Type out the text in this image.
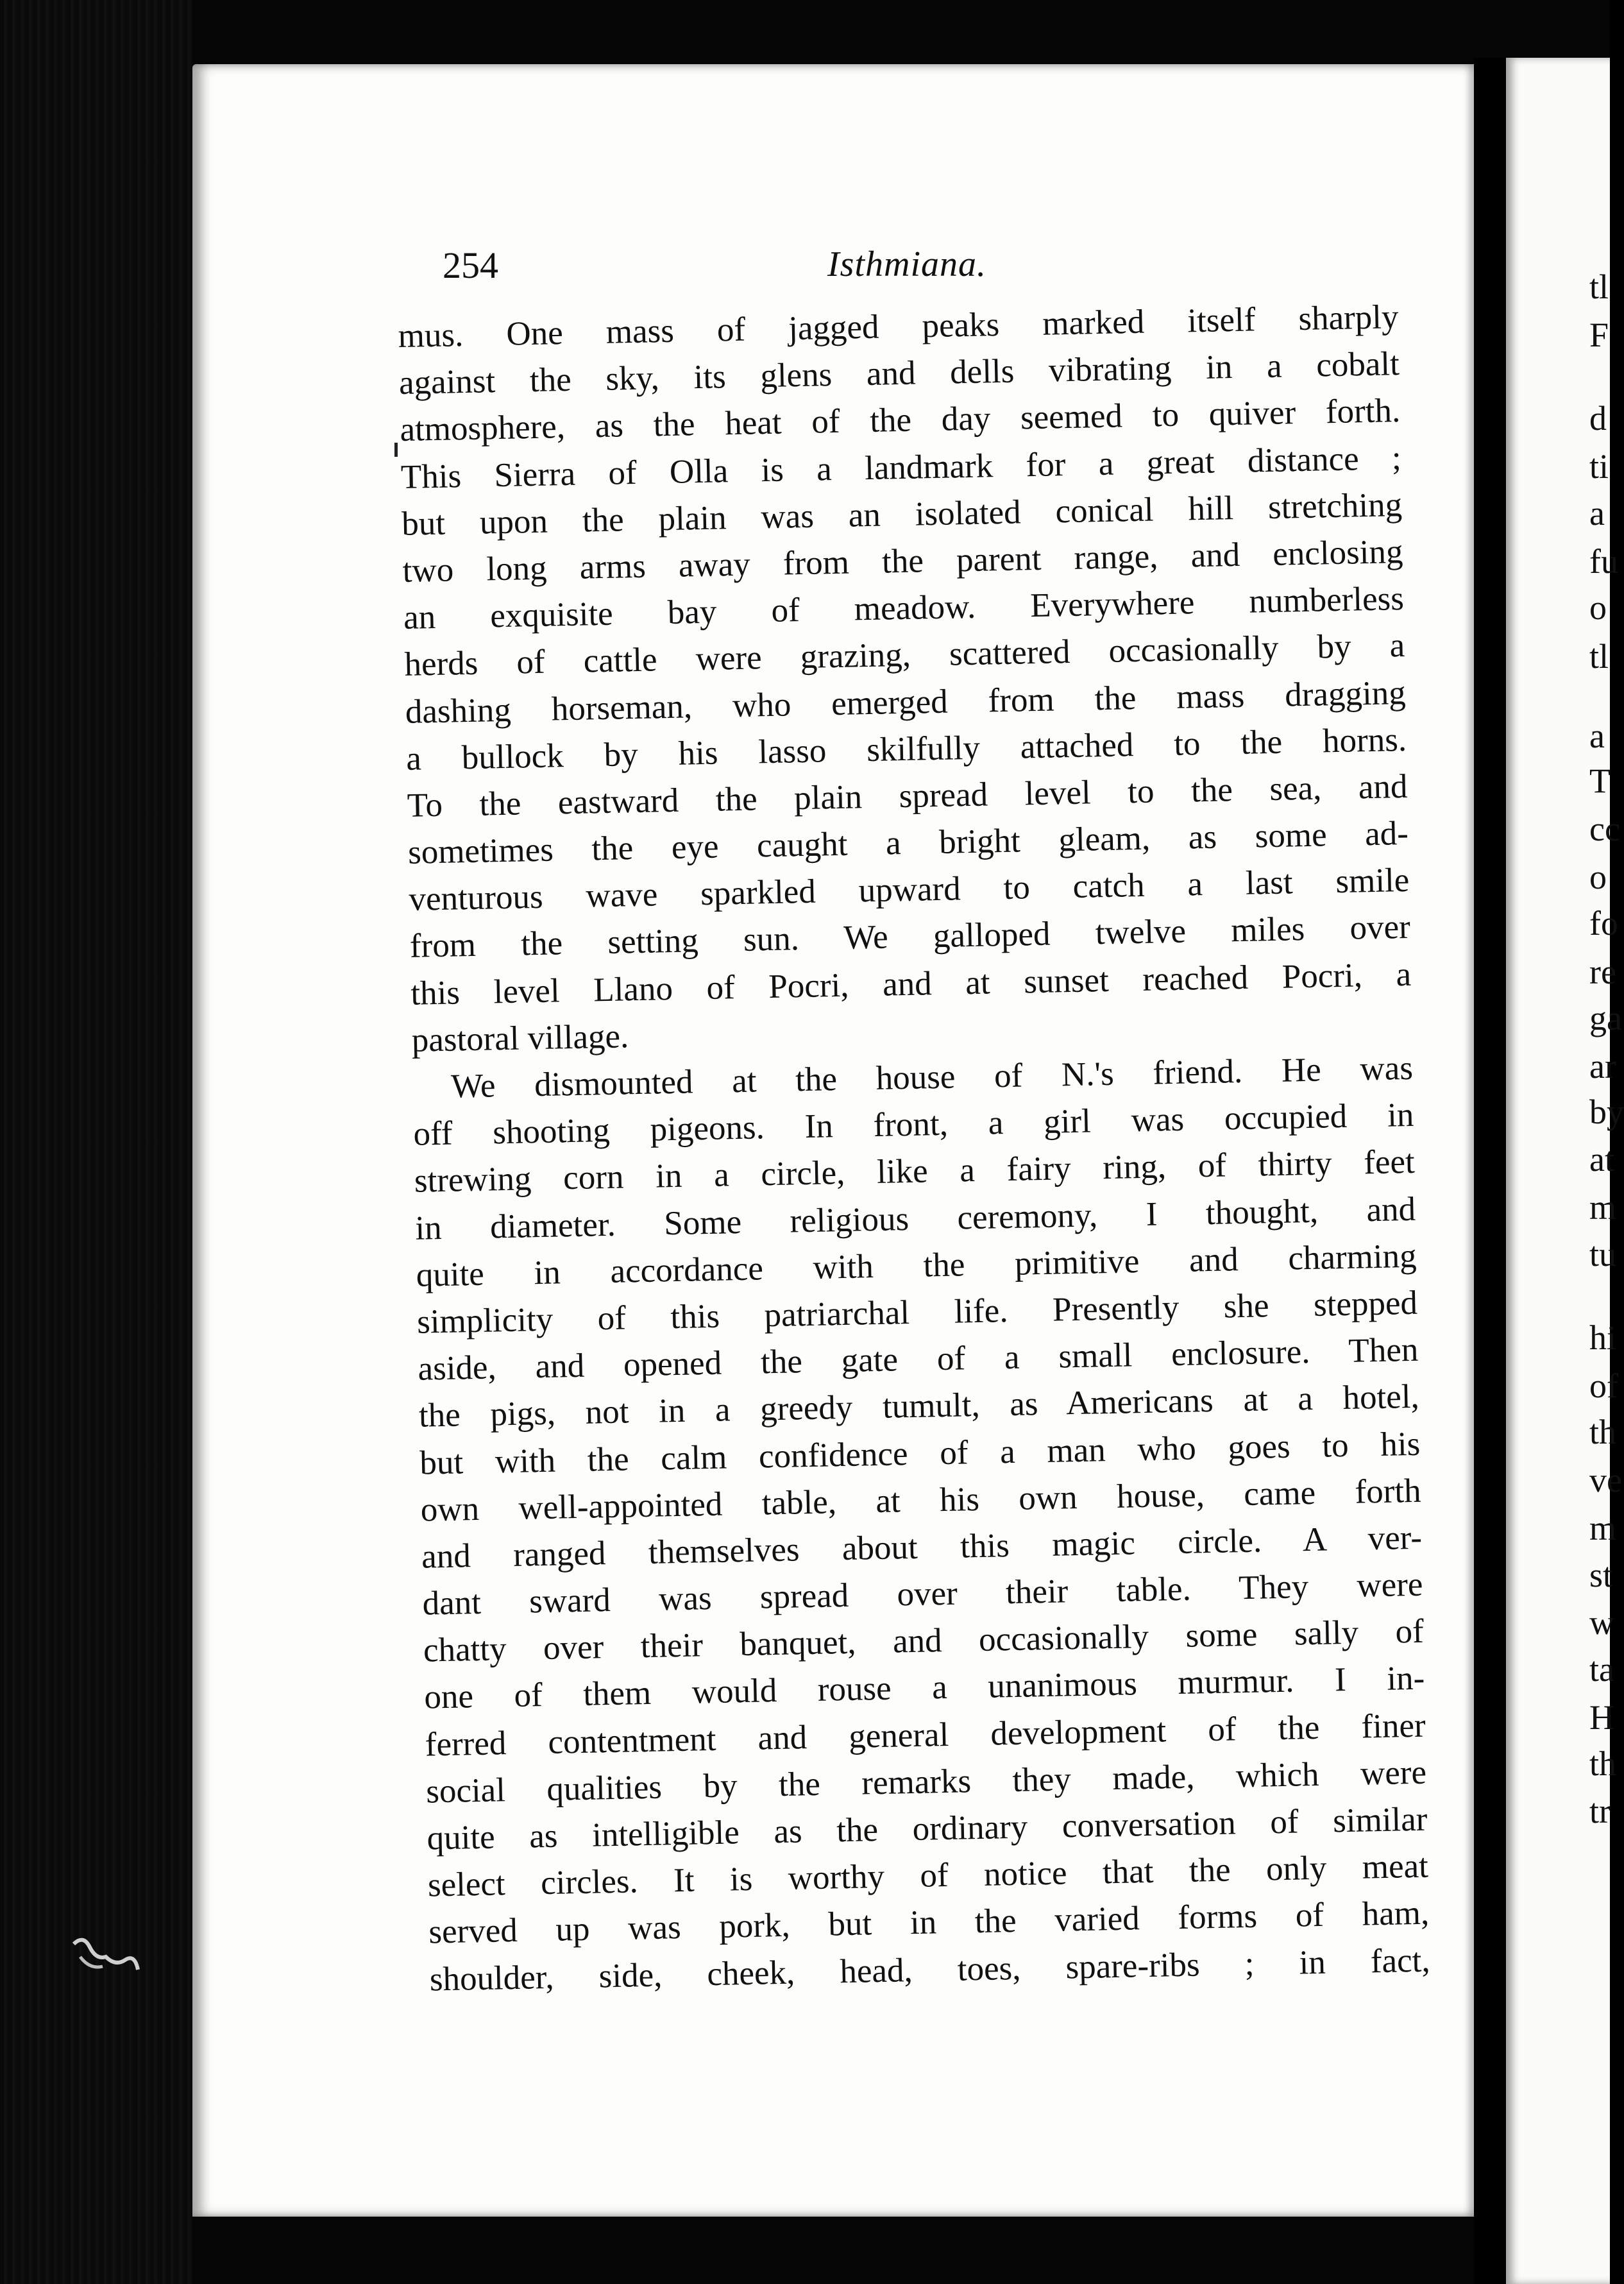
tl
F
d
ti
a
fu
o
tl
a
T
cc
o
fo
re
ga
ar
by
at
m
tu
hi
of
th
ve
m
st
w
ta
H
th
tr
254	Isthmiana.
mus. One mass of jagged peaks marked itself sharply
against the sky, its glens and dells vibrating in a cobalt
atmosphere, as the heat of the day seemed to quiver forth.
This Sierra of Olla is a landmark for a great distance ;
but upon the plain was an isolated conical hill stretching
two long arms away from the parent range, and enclosing
an exquisite bay of meadow. Everywhere numberless
herds of cattle were grazing, scattered occasionally by a
dashing horseman, who emerged from the mass dragging
a bullock by his lasso skilfully attached to the horns.
To the eastward the plain spread level to the sea, and
sometimes the eye caught a bright gleam, as some ad-
venturous wave sparkled upward to catch a last smile
from the setting sun. We galloped twelve miles over
this level Llano of Pocri, and at sunset reached Pocri, a
pastoral village.
We dismounted at the house of N.'s friend. He was
off shooting pigeons. In front, a girl was occupied in
strewing corn in a circle, like a fairy ring, of thirty feet
in diameter. Some religious ceremony, I thought, and
quite in accordance with the primitive and charming
simplicity of this patriarchal life. Presently she stepped
aside, and opened the gate of a small enclosure. Then
the pigs, not in a greedy tumult, as Americans at a hotel,
but with the calm confidence of a man who goes to his
own well-appointed table, at his own house, came forth
and ranged themselves about this magic circle. A ver-
dant sward was spread over their table. They were
chatty over their banquet, and occasionally some sally of
one of them would rouse a unanimous murmur. I in-
ferred contentment and general development of the finer
social qualities by the remarks they made, which were
quite as intelligible as the ordinary conversation of similar
select circles. It is worthy of notice that the only meat
served up was pork, but in the varied forms of ham,
shoulder, side, cheek, head, toes, spare-ribs ; in fact,
